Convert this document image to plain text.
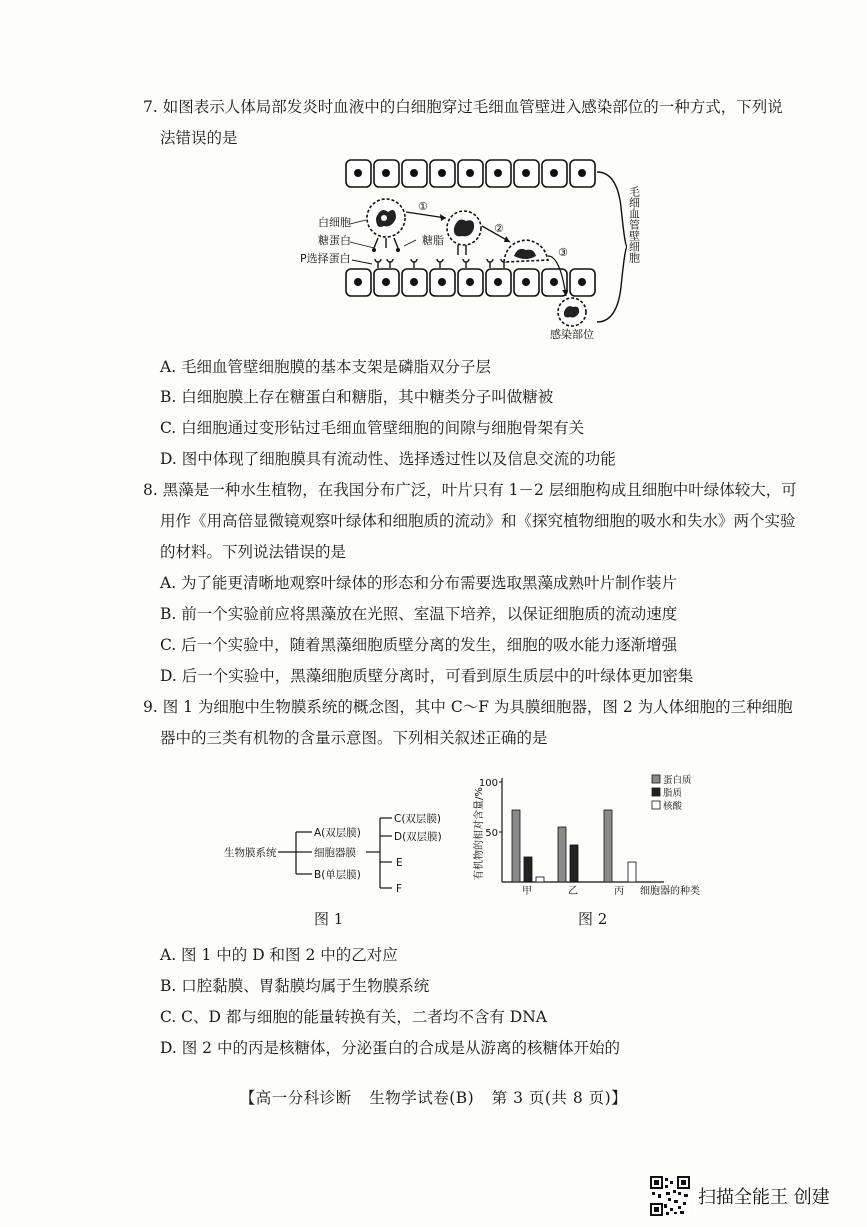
7. 如图表示人体局部发炎时血液中的白细胞穿过毛细血管壁进入感染部位的一种方式，下列说
法错误的是
①
②
③
白细胞
糖蛋白
P选择蛋白
糖脂
感染部位
毛细血管壁细胞
A. 毛细血管壁细胞膜的基本支架是磷脂双分子层
B. 白细胞膜上存在糖蛋白和糖脂，其中糖类分子叫做糖被
C. 白细胞通过变形钻过毛细血管壁细胞的间隙与细胞骨架有关
D. 图中体现了细胞膜具有流动性、选择透过性以及信息交流的功能
8. 黑藻是一种水生植物，在我国分布广泛，叶片只有 1－2 层细胞构成且细胞中叶绿体较大，可
用作《用高倍显微镜观察叶绿体和细胞质的流动》和《探究植物细胞的吸水和失水》两个实验
的材料。下列说法错误的是
A. 为了能更清晰地观察叶绿体的形态和分布需要选取黑藻成熟叶片制作装片
B. 前一个实验前应将黑藻放在光照、室温下培养，以保证细胞质的流动速度
C. 后一个实验中，随着黑藻细胞质壁分离的发生，细胞的吸水能力逐渐增强
D. 后一个实验中，黑藻细胞质壁分离时，可看到原生质层中的叶绿体更加密集
9. 图 1 为细胞中生物膜系统的概念图，其中 C～F 为具膜细胞器，图 2 为人体细胞的三种细胞
器中的三类有机物的含量示意图。下列相关叙述正确的是
生物膜系统
A(双层膜)
细胞器膜
B(单层膜)
C(双层膜)
D(双层膜)
E
F
图 1
有机物的相对含量/%
细胞器的种类
50
100
甲	乙	丙
蛋白质
脂质
核酸
图 2
A. 图 1 中的 D 和图 2 中的乙对应
B. 口腔黏膜、胃黏膜均属于生物膜系统
C. C、D 都与细胞的能量转换有关，二者均不含有 DNA
D. 图 2 中的丙是核糖体，分泌蛋白的合成是从游离的核糖体开始的
【高一分科诊断 生物学试卷(B) 第 3 页(共 8 页)】
扫描全能王 创建
